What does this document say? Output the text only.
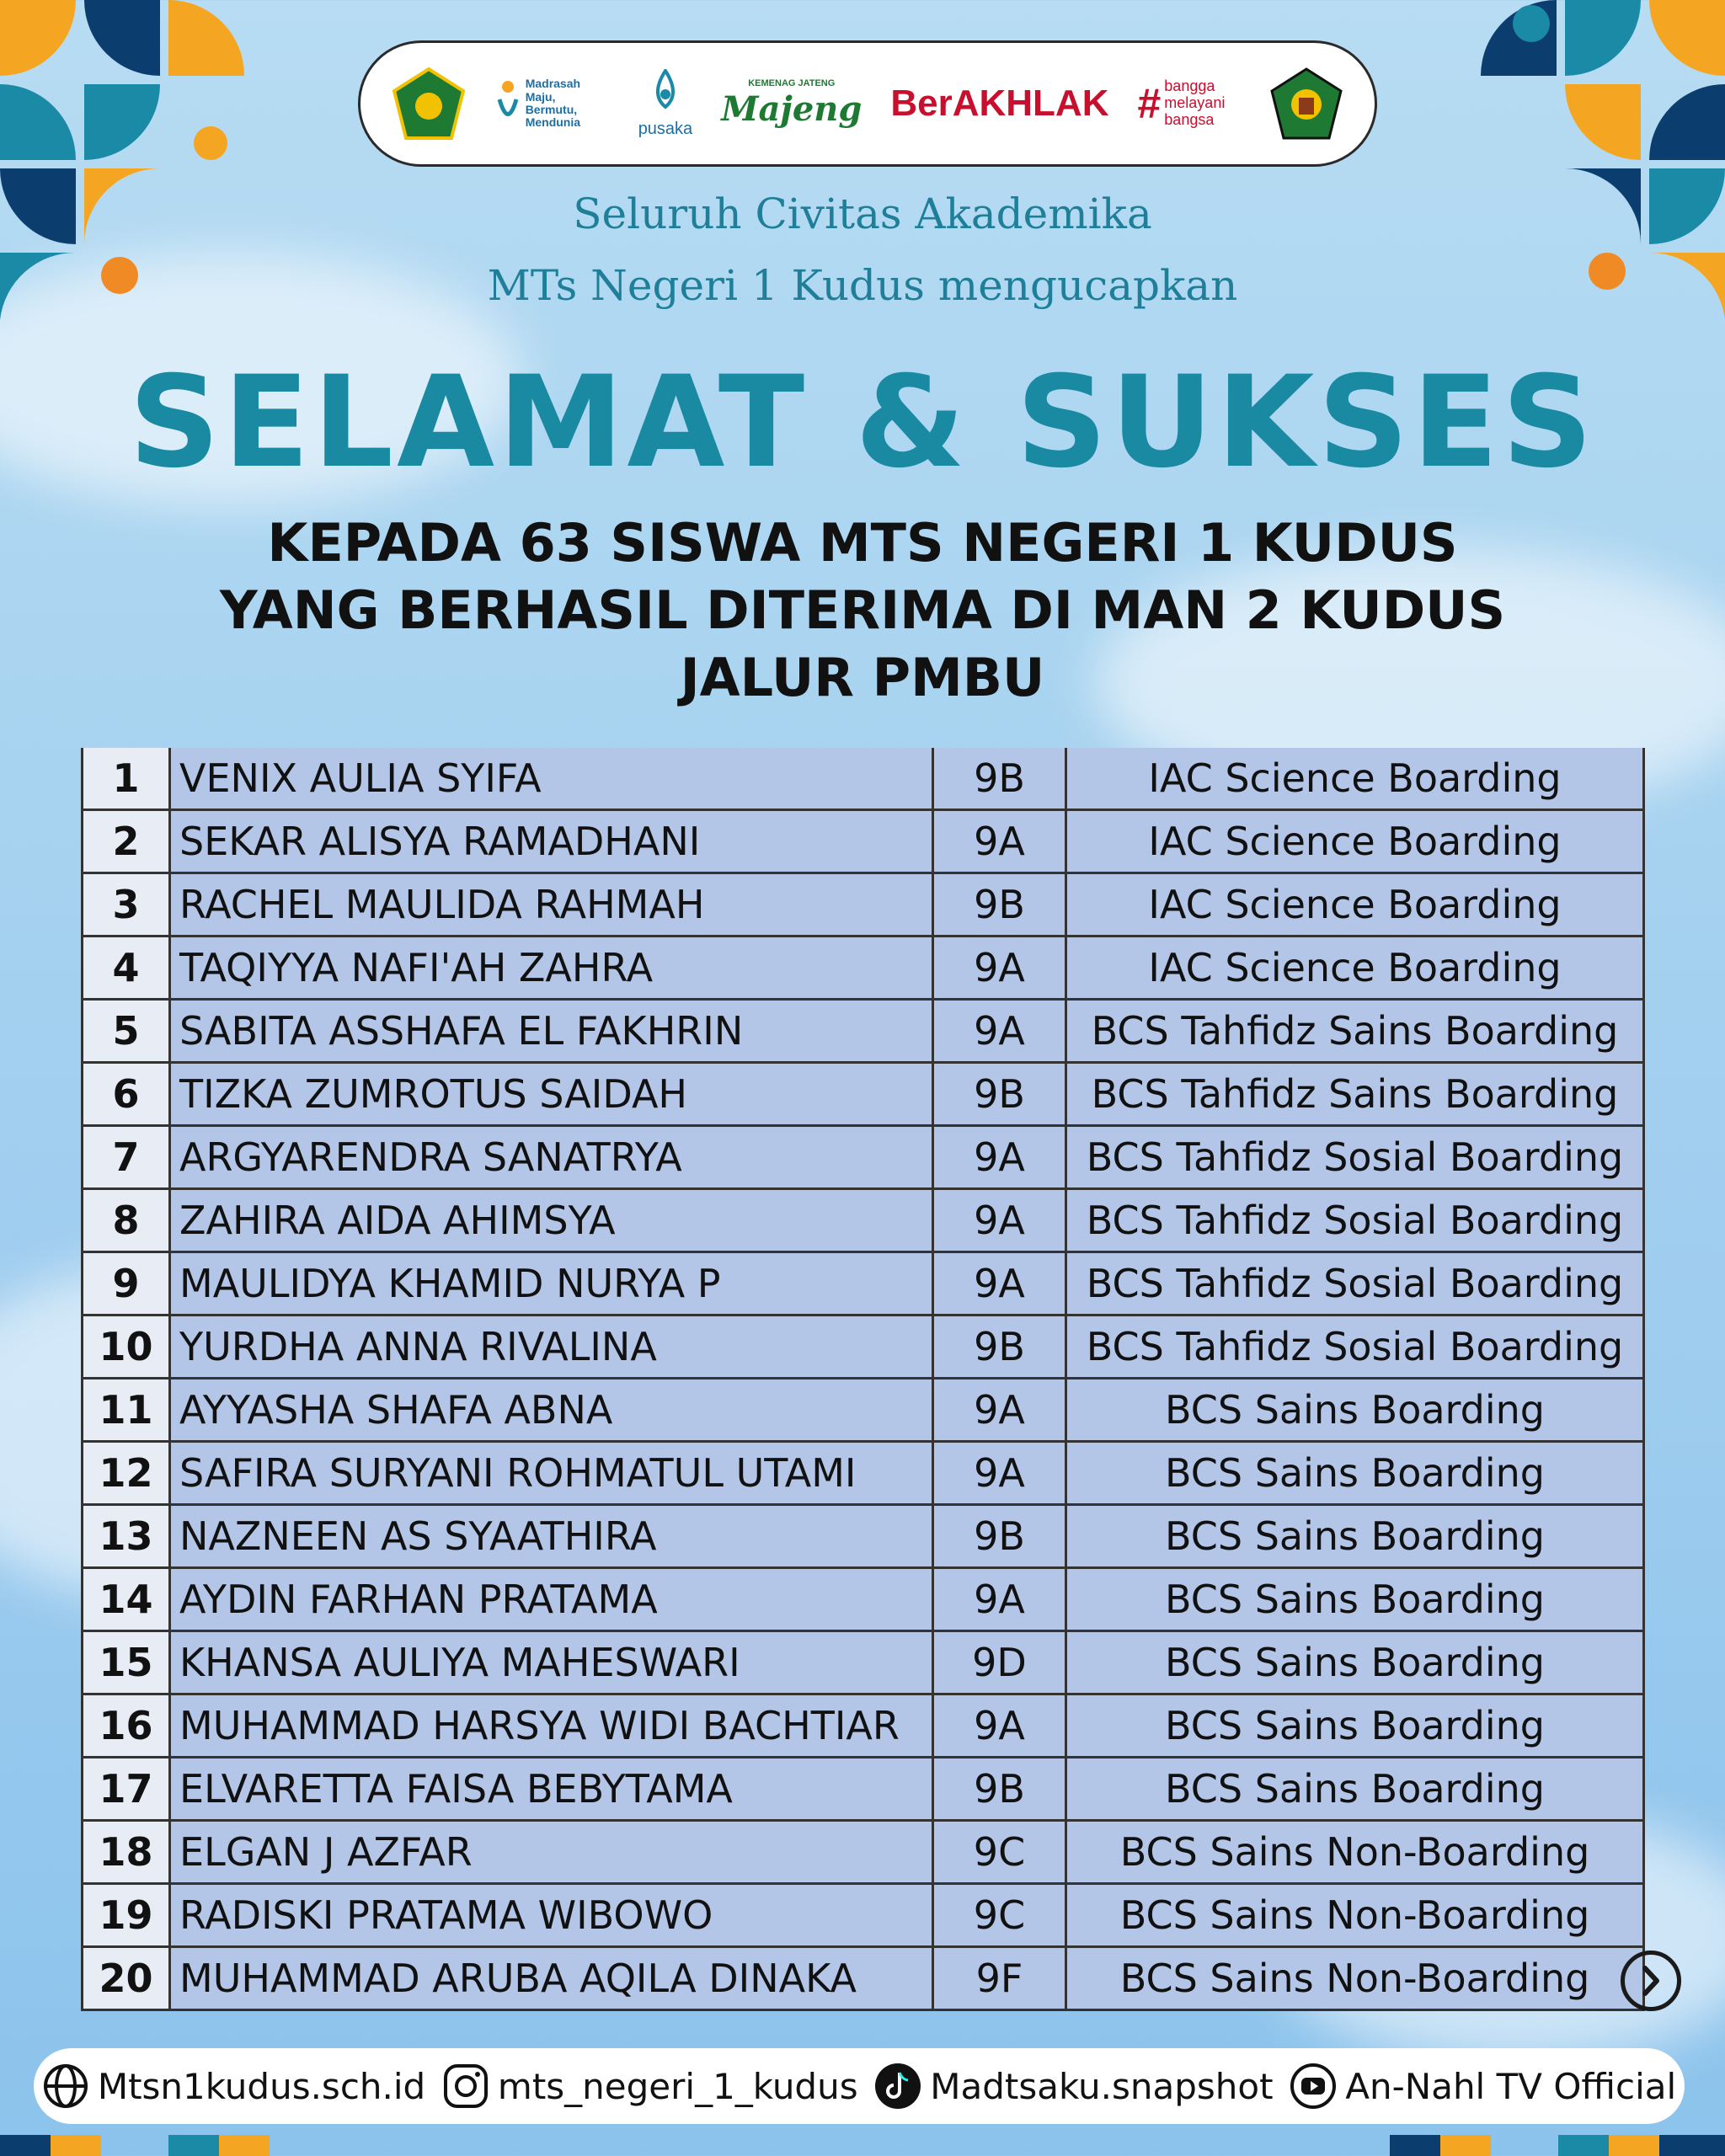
Madrasah Maju, Bermutu, Mendunia	pusaka
KEMENAG JATENG
Majeng BerAKHLAK # bangga melayani bangsa
Seluruh Civitas Akademika
MTs Negeri 1 Kudus mengucapkan
SELAMAT & SUKSES
KEPADA 63 SISWA MTS NEGERI 1 KUDUS
YANG BERHASIL DITERIMA DI MAN 2 KUDUS
JALUR PMBU
1	VENIX AULIA SYIFA	9B	IAC Science Boarding
2	SEKAR ALISYA RAMADHANI	9A	IAC Science Boarding
3	RACHEL MAULIDA RAHMAH	9B	IAC Science Boarding
4	TAQIYYA NAFI'AH ZAHRA	9A	IAC Science Boarding
5	SABITA ASSHAFA EL FAKHRIN	9A	BCS Tahfidz Sains Boarding
6	TIZKA ZUMROTUS SAIDAH	9B	BCS Tahfidz Sains Boarding
7	ARGYARENDRA SANATRYA	9A	BCS Tahfidz Sosial Boarding
8	ZAHIRA AIDA AHIMSYA	9A	BCS Tahfidz Sosial Boarding
9	MAULIDYA KHAMID NURYA P	9A	BCS Tahfidz Sosial Boarding
10	YURDHA ANNA RIVALINA	9B	BCS Tahfidz Sosial Boarding
11	AYYASHA SHAFA ABNA	9A	BCS Sains Boarding
12	SAFIRA SURYANI ROHMATUL UTAMI	9A	BCS Sains Boarding
13	NAZNEEN AS SYAATHIRA	9B	BCS Sains Boarding
14	AYDIN FARHAN PRATAMA	9A	BCS Sains Boarding
15	KHANSA AULIYA MAHESWARI	9D	BCS Sains Boarding
16	MUHAMMAD HARSYA WIDI BACHTIAR	9A	BCS Sains Boarding
17	ELVARETTA FAISA BEBYTAMA	9B	BCS Sains Boarding
18	ELGAN J AZFAR	9C	BCS Sains Non-Boarding
19	RADISKI PRATAMA WIBOWO	9C	BCS Sains Non-Boarding
20	MUHAMMAD ARUBA AQILA DINAKA	9F	BCS Sains Non-Boarding
Mtsn1kudus.sch.id mts_negeri_1_kudus Madtsaku.snapshot An-Nahl TV Official
